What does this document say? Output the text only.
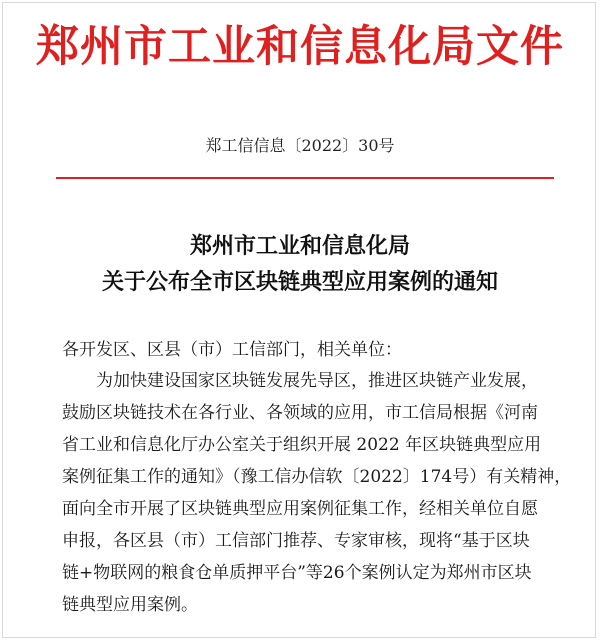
郑州市工业和信息化局文件
郑工信信息〔2022〕30号
郑州市工业和信息化局
关于公布全市区块链典型应用案例的通知
各开发区、区县（市）工信部门，相关单位：
为加快建设国家区块链发展先导区，推进区块链产业发展，
鼓励区块链技术在各行业、各领域的应用，市工信局根据《河南
省工业和信息化厅办公室关于组织开展 2022 年区块链典型应用
案例征集工作的通知》（豫工信办信软〔2022〕174号）有关精神，
面向全市开展了区块链典型应用案例征集工作，经相关单位自愿
申报，各区县（市）工信部门推荐、专家审核，现将“基于区块
链+物联网的粮食仓单质押平台”等26个案例认定为郑州市区块
链典型应用案例。
